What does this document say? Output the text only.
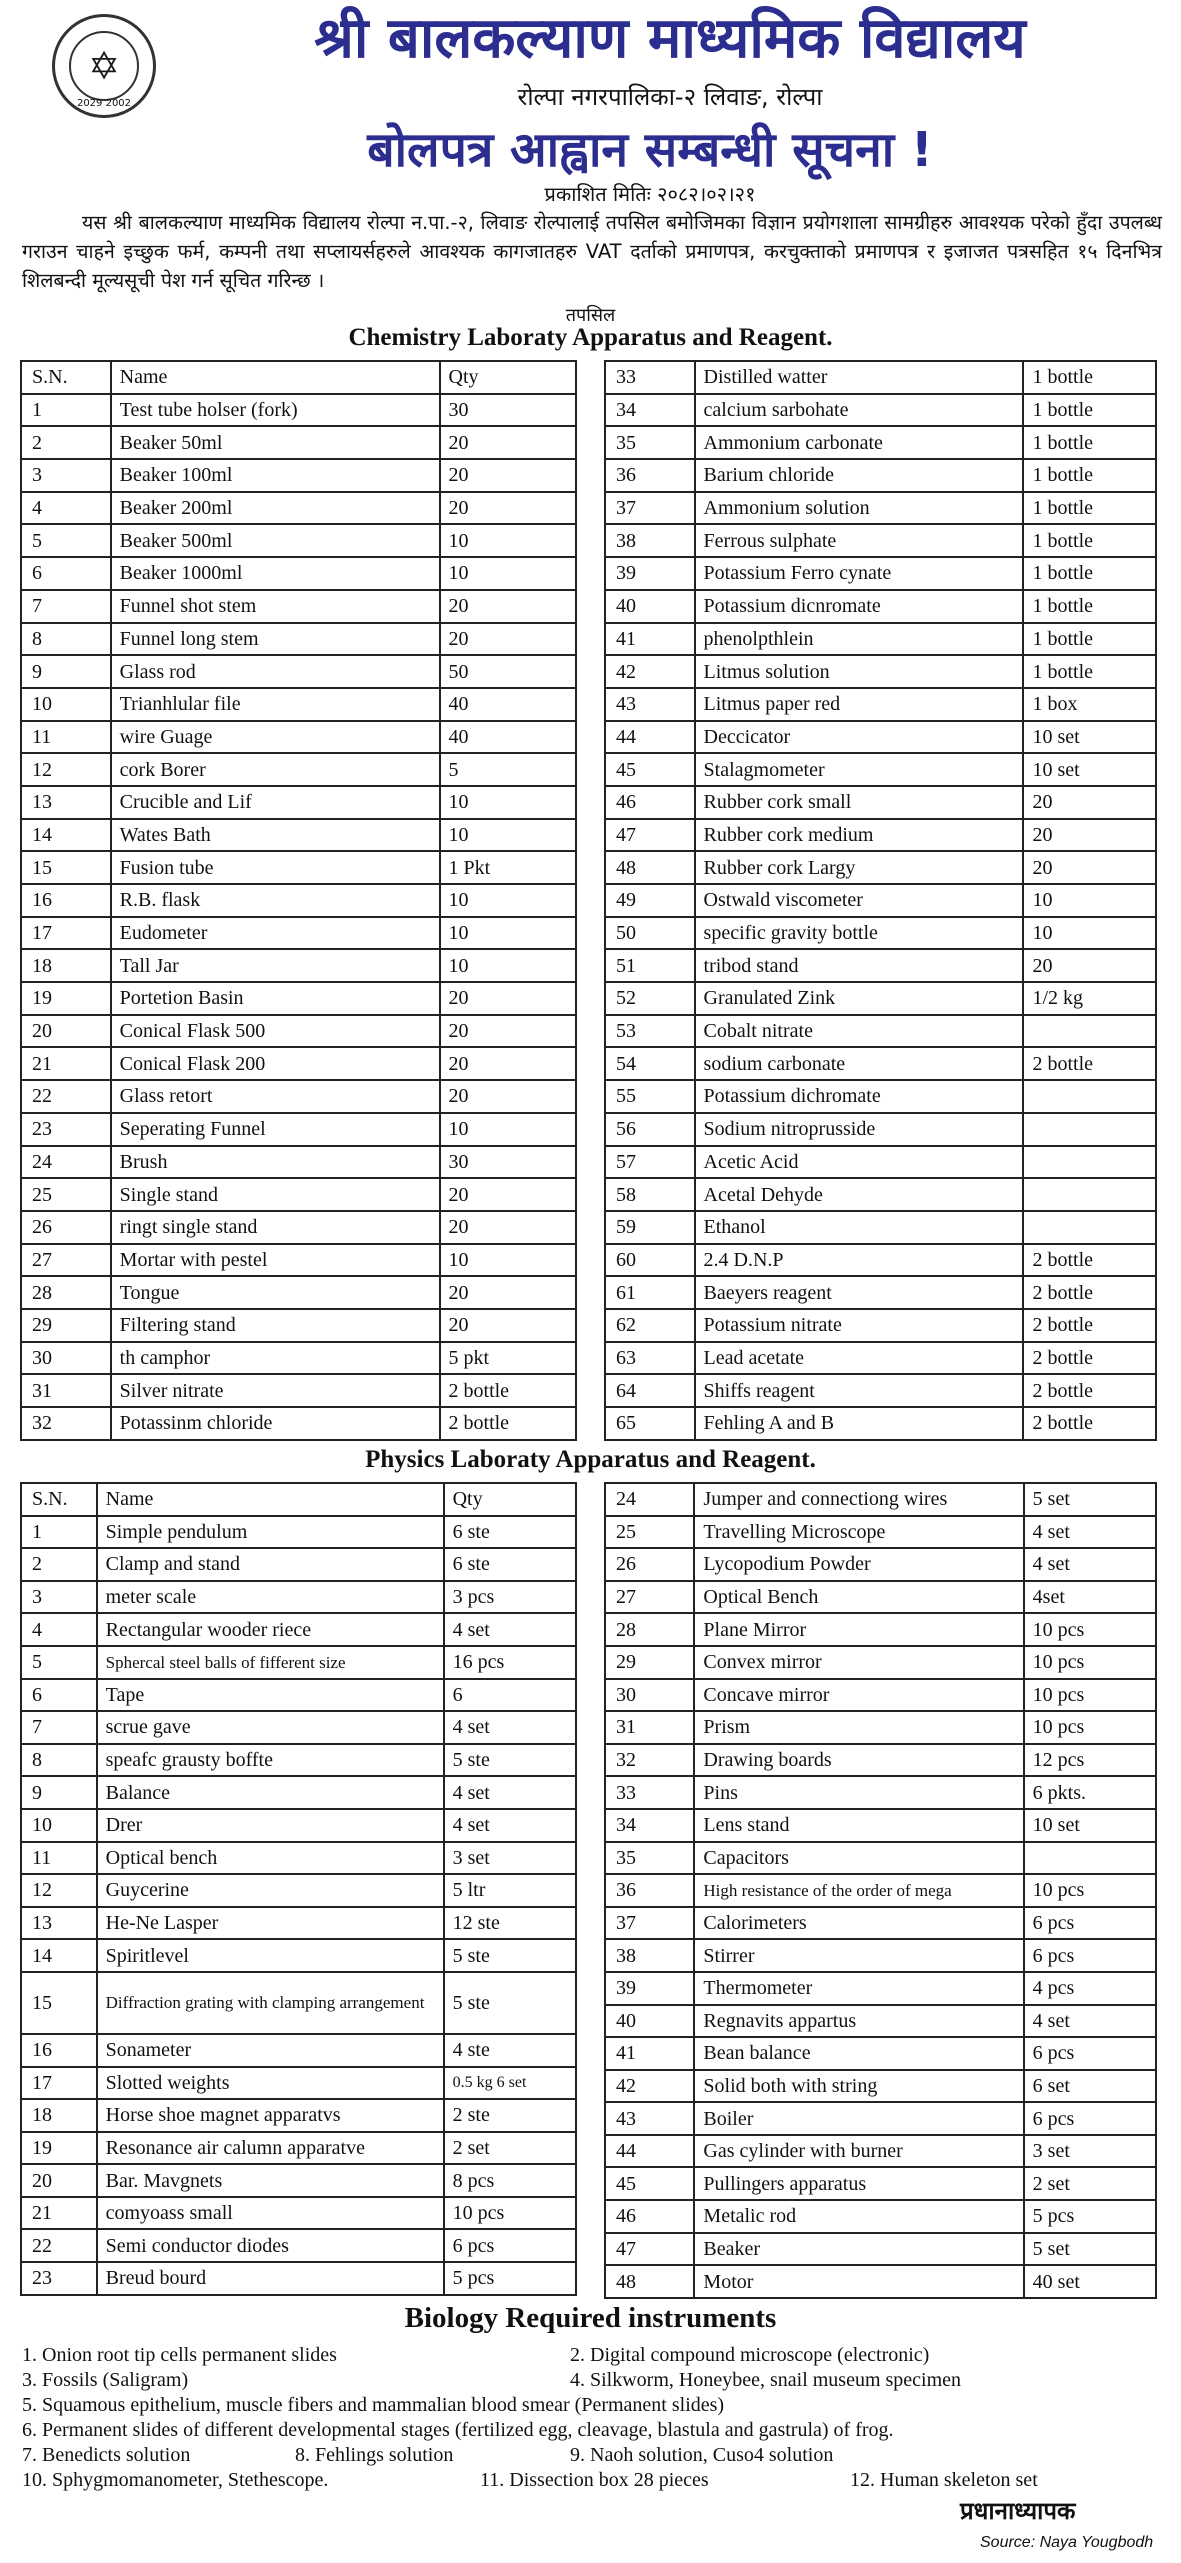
✡
2029 2002
श्री बालकल्याण माध्यमिक विद्यालय
रोल्पा नगरपालिका-२ लिवाङ, रोल्पा
बोलपत्र आह्वान सम्बन्धी सूचना !
प्रकाशित मितिः २०८२।०२।२१
यस श्री बालकल्याण माध्यमिक विद्यालय रोल्पा न.पा.-२, लिवाङ रोल्पालाई तपसिल बमोजिमका विज्ञान प्रयोगशाला सामग्रीहरु आवश्यक परेको हुँदा उपलब्ध गराउन चाहने इच्छुक फर्म, कम्पनी तथा सप्लायर्सहरुले आवश्यक कागजातहरु VAT दर्ताको प्रमाणपत्र, करचुक्ताको प्रमाणपत्र र इजाजत पत्रसहित १५ दिनभित्र शिलबन्दी मूल्यसूची पेश गर्न सूचित गरिन्छ ।
तपसिल
Chemistry Laboraty Apparatus and Reagent.
S.N.	Name	Qty
1	Test tube holser (fork)	30
2	Beaker 50ml	20
3	Beaker 100ml	20
4	Beaker 200ml	20
5	Beaker 500ml	10
6	Beaker 1000ml	10
7	Funnel shot stem	20
8	Funnel long stem	20
9	Glass rod	50
10	Trianhlular file	40
11	wire Guage	40
12	cork Borer	5
13	Crucible and Lif	10
14	Wates Bath	10
15	Fusion tube	1 Pkt
16	R.B. flask	10
17	Eudometer	10
18	Tall Jar	10
19	Portetion Basin	20
20	Conical Flask 500	20
21	Conical Flask 200	20
22	Glass retort	20
23	Seperating Funnel	10
24	Brush	30
25	Single stand	20
26	ringt single stand	20
27	Mortar with pestel	10
28	Tongue	20
29	Filtering stand	20
30	th camphor	5 pkt
31	Silver nitrate	2 bottle
32	Potassinm chloride	2 bottle
33	Distilled watter	1 bottle
34	calcium sarbohate	1 bottle
35	Ammonium carbonate	1 bottle
36	Barium chloride	1 bottle
37	Ammonium solution	1 bottle
38	Ferrous sulphate	1 bottle
39	Potassium Ferro cynate	1 bottle
40	Potassium dicnromate	1 bottle
41	phenolpthlein	1 bottle
42	Litmus solution	1 bottle
43	Litmus paper red	1 box
44	Deccicator	10 set
45	Stalagmometer	10 set
46	Rubber cork small	20
47	Rubber cork medium	20
48	Rubber cork Largy	20
49	Ostwald viscometer	10
50	specific gravity bottle	10
51	tribod stand	20
52	Granulated Zink	1/2 kg
53	Cobalt nitrate	
54	sodium carbonate	2 bottle
55	Potassium dichromate	
56	Sodium nitroprusside	
57	Acetic Acid	
58	Acetal Dehyde	
59	Ethanol	
60	2.4 D.N.P	2 bottle
61	Baeyers reagent	2 bottle
62	Potassium nitrate	2 bottle
63	Lead acetate	2 bottle
64	Shiffs reagent	2 bottle
65	Fehling A and B	2 bottle
Physics Laboraty Apparatus and Reagent.
S.N.	Name	Qty
1	Simple pendulum	6 ste
2	Clamp and stand	6 ste
3	meter scale	3 pcs
4	Rectangular wooder riece	4 set
5	Sphercal steel balls of fifferent size	16 pcs
6	Tape	6
7	scrue gave	4 set
8	speafc grausty boffte	5 ste
9	Balance	4 set
10	Drer	4 set
11	Optical bench	3 set
12	Guycerine	5 ltr
13	He-Ne Lasper	12 ste
14	Spiritlevel	5 ste
15	Diffraction grating with clamping arrangement	5 ste
16	Sonameter	4 ste
17	Slotted weights	0.5 kg 6 set
18	Horse shoe magnet apparatvs	2 ste
19	Resonance air calumn apparatve	2 set
20	Bar. Mavgnets	8 pcs
21	comyoass small	10 pcs
22	Semi conductor diodes	6 pcs
23	Breud bourd	5 pcs
24	Jumper and connectiong wires	5 set
25	Travelling Microscope	4 set
26	Lycopodium Powder	4 set
27	Optical Bench	4set
28	Plane Mirror	10 pcs
29	Convex mirror	10 pcs
30	Concave mirror	10 pcs
31	Prism	10 pcs
32	Drawing boards	12 pcs
33	Pins	6 pkts.
34	Lens stand	10 set
35	Capacitors	
36	High resistance of the order of mega	10 pcs
37	Calorimeters	6 pcs
38	Stirrer	6 pcs
39	Thermometer	4 pcs
40	Regnavits appartus	4 set
41	Bean balance	6 pcs
42	Solid both with string	6 set
43	Boiler	6 pcs
44	Gas cylinder with burner	3 set
45	Pullingers apparatus	2 set
46	Metalic rod	5 pcs
47	Beaker	5 set
48	Motor	40 set
Biology Required instruments
1. Onion root tip cells permanent slides	2. Digital compound microscope (electronic)
3. Fossils (Saligram)	4. Silkworm, Honeybee, snail museum specimen
5. Squamous epithelium, muscle fibers and mammalian blood smear (Permanent slides)
6. Permanent slides of different developmental stages (fertilized egg, cleavage, blastula and gastrula) of frog.
7. Benedicts solution	8. Fehlings solution	9. Naoh solution, Cuso4 solution
10. Sphygmomanometer, Stethescope.	11. Dissection box 28 pieces	12. Human skeleton set
प्रधानाध्यापक
Source: Naya Yougbodh
